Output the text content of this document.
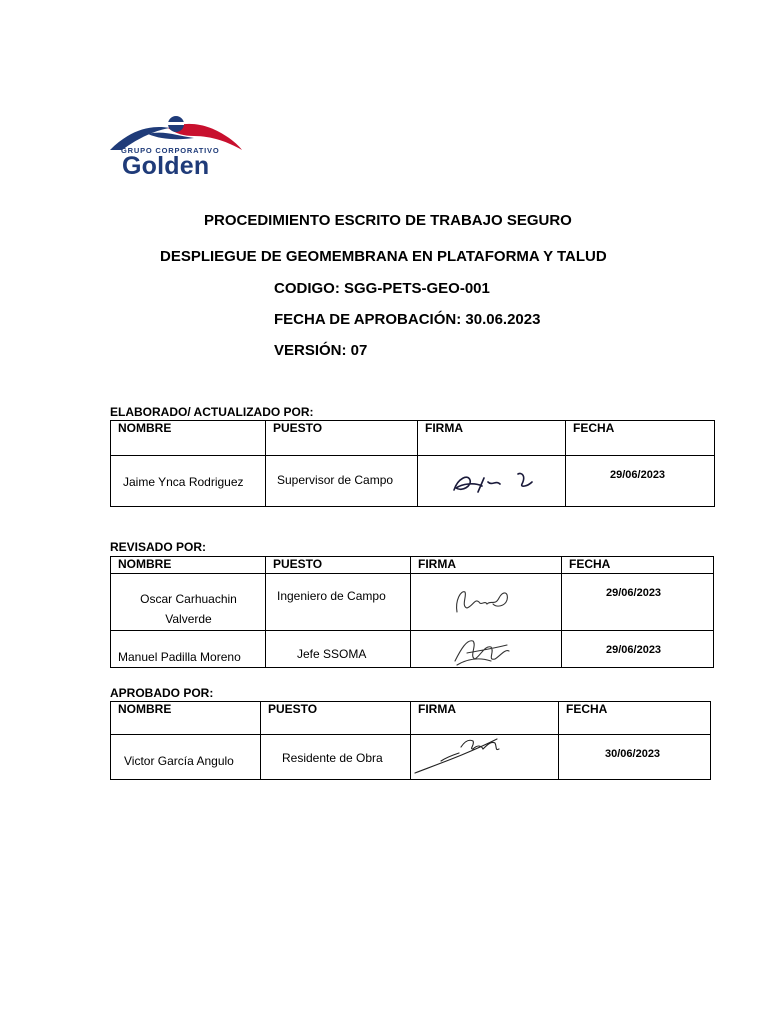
GRUPO CORPORATIVO
Golden
PROCEDIMIENTO ESCRITO DE TRABAJO SEGURO
DESPLIEGUE DE GEOMEMBRANA EN PLATAFORMA Y TALUD
CODIGO: SGG-PETS-GEO-001
FECHA DE APROBACIÓN: 30.06.2023
VERSIÓN: 07
ELABORADO/ ACTUALIZADO POR:
NOMBRE	PUESTO	FIRMA	FECHA

Jaime Ynca Rodriguez	Supervisor de Campo		29/06/2023
REVISADO POR:
NOMBRE	PUESTO	FIRMA	FECHA

Oscar Carhuachin Valverde	Ingeniero de Campo		29/06/2023

Manuel Padilla Moreno	Jefe SSOMA		29/06/2023
APROBADO POR:
NOMBRE	PUESTO	FIRMA	FECHA

Victor García Angulo	Residente de Obra		30/06/2023
